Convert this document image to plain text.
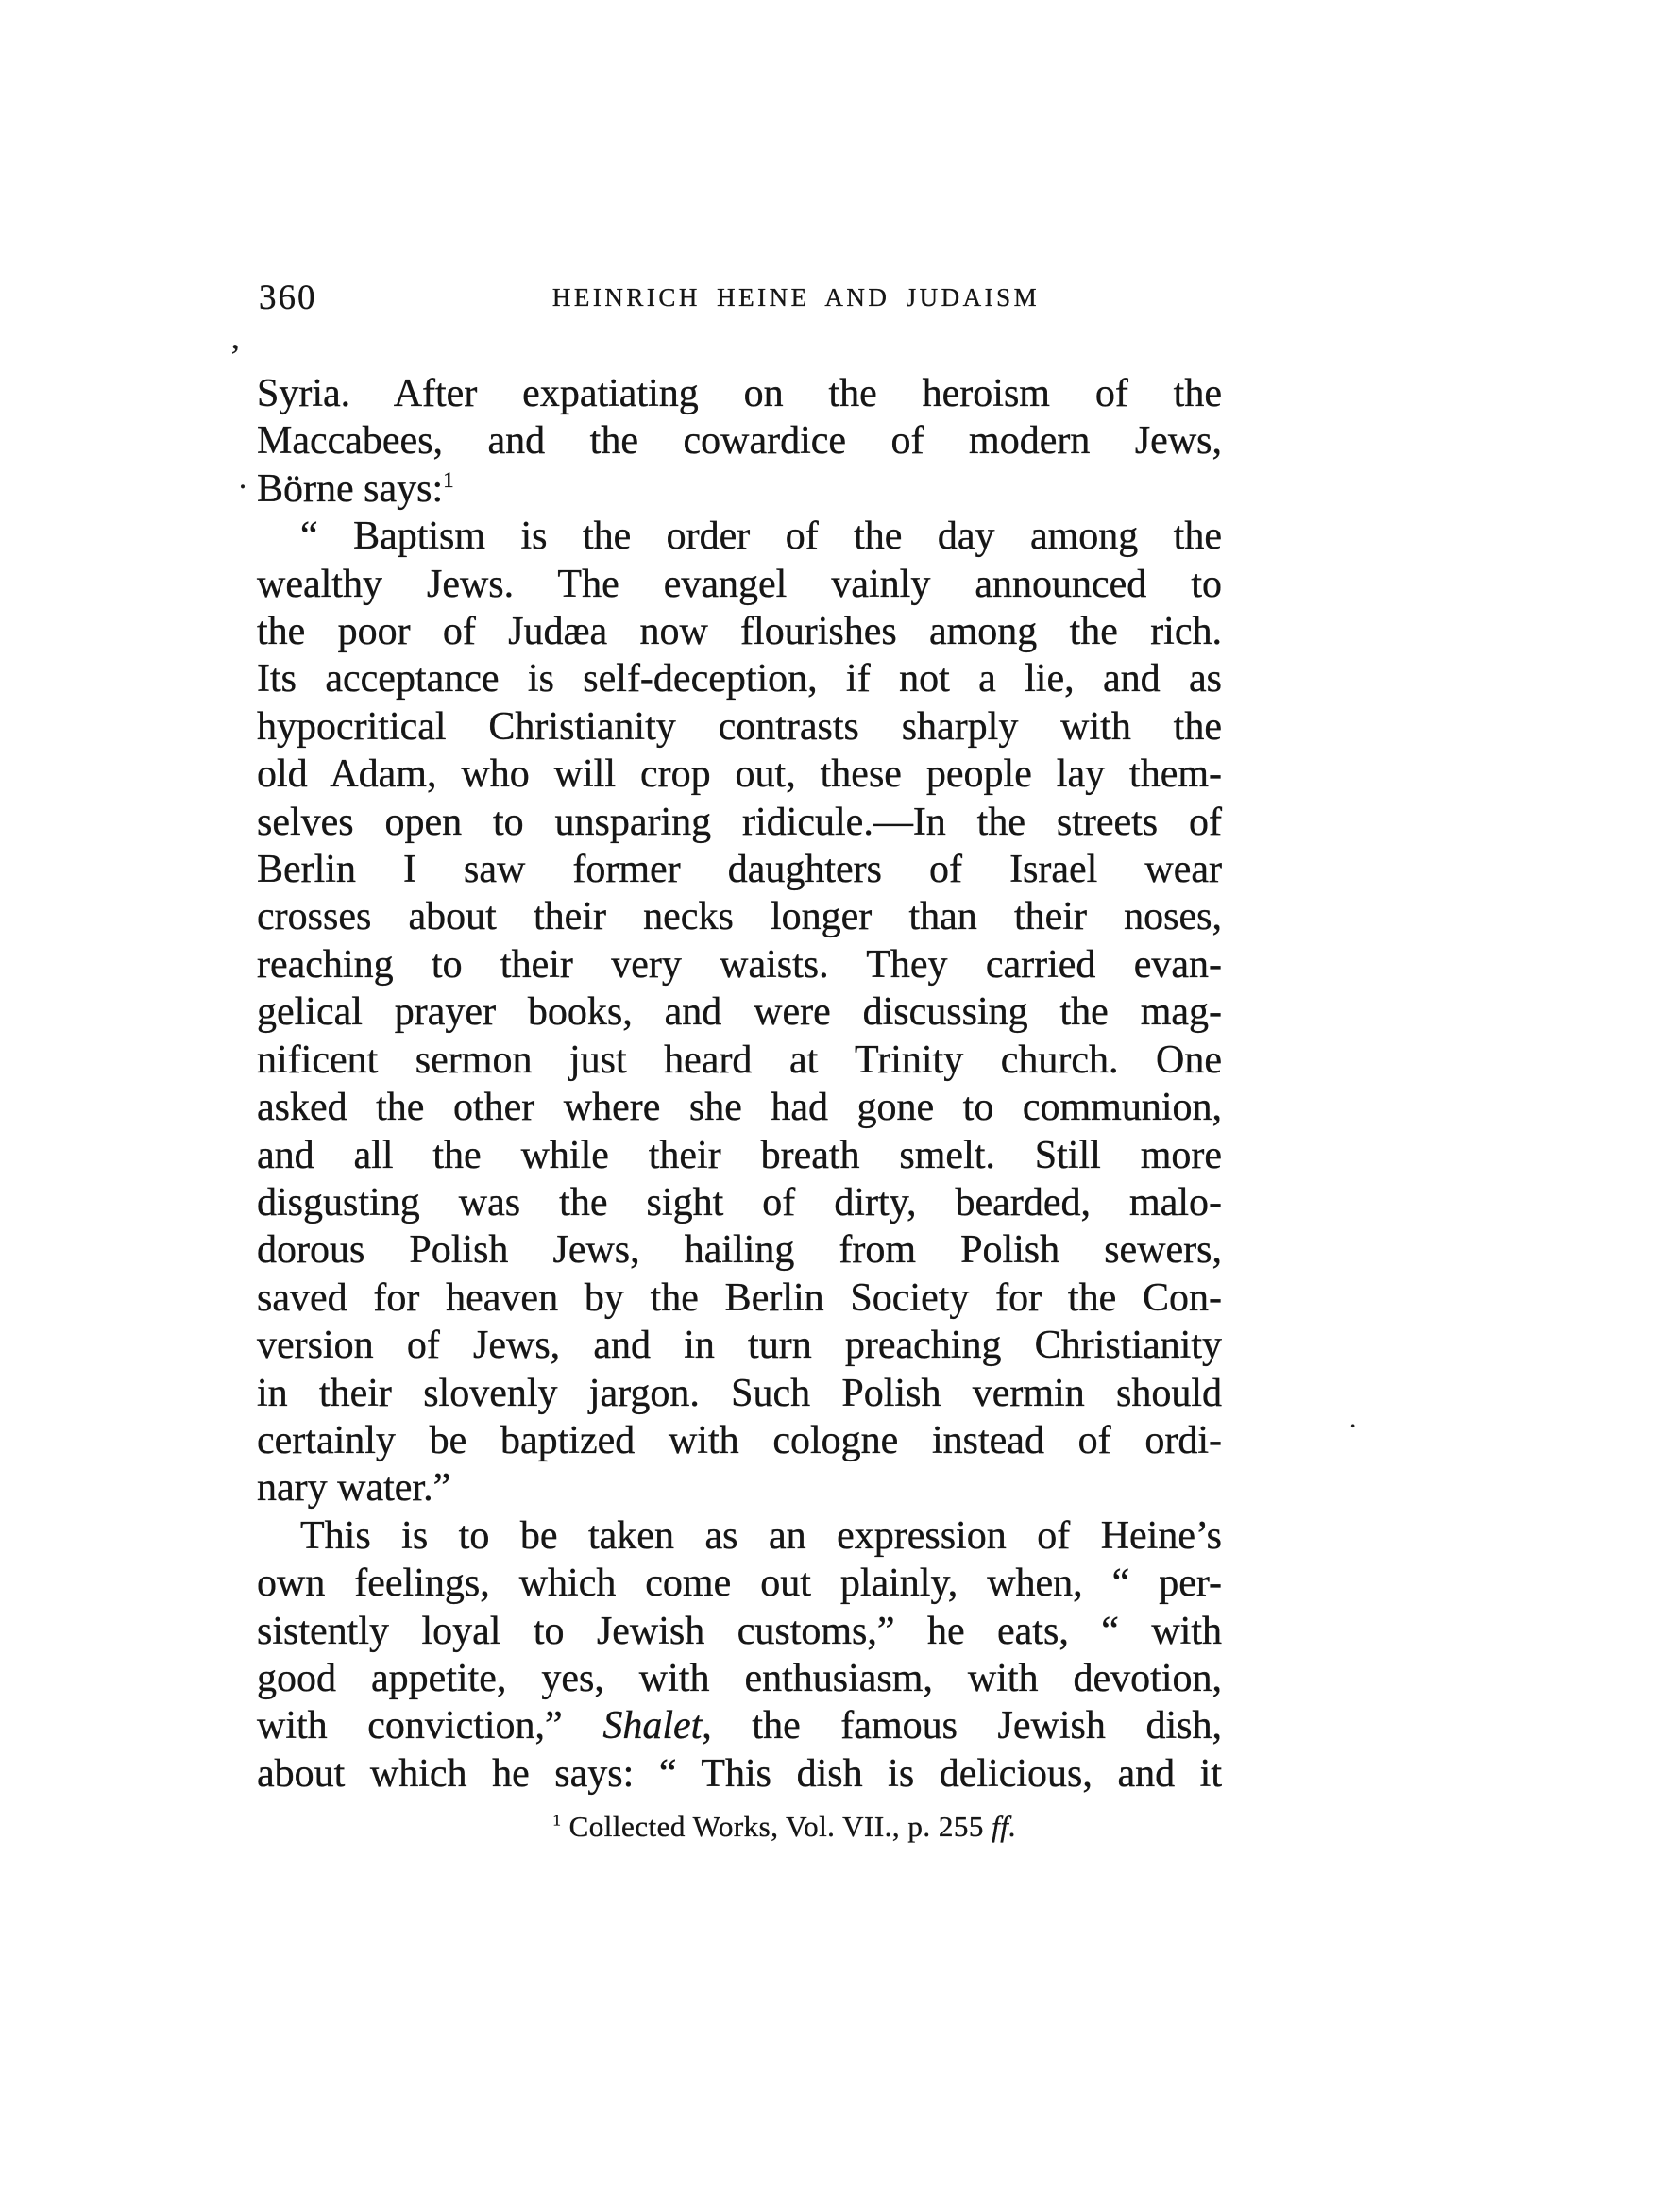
360	HEINRICH HEINE AND JUDAISM
Syria. After expatiating on the heroism of the
Maccabees, and the cowardice of modern Jews,
Börne says:$^1$
“ Baptism is the order of the day among the
wealthy Jews. The evangel vainly announced to
the poor of Judæa now flourishes among the rich.
Its acceptance is self-deception, if not a lie, and as
hypocritical Christianity contrasts sharply with the
old Adam, who will crop out, these people lay them-
selves open to unsparing ridicule.—In the streets of
Berlin I saw former daughters of Israel wear
crosses about their necks longer than their noses,
reaching to their very waists. They carried evan-
gelical prayer books, and were discussing the mag-
nificent sermon just heard at Trinity church. One
asked the other where she had gone to communion,
and all the while their breath smelt. Still more
disgusting was the sight of dirty, bearded, malo-
dorous Polish Jews, hailing from Polish sewers,
saved for heaven by the Berlin Society for the Con-
version of Jews, and in turn preaching Christianity
in their slovenly jargon. Such Polish vermin should
certainly be baptized with cologne instead of ordi-
nary water.”
This is to be taken as an expression of Heine’s
own feelings, which come out plainly, when, “ per-
sistently loyal to Jewish customs,” he eats, “ with
good appetite, yes, with enthusiasm, with devotion,
with conviction,” Shalet, the famous Jewish dish,
about which he says: “ This dish is delicious, and it
$^1$ Collected Works, Vol. VII., p. 255 ff.
’
.
·
